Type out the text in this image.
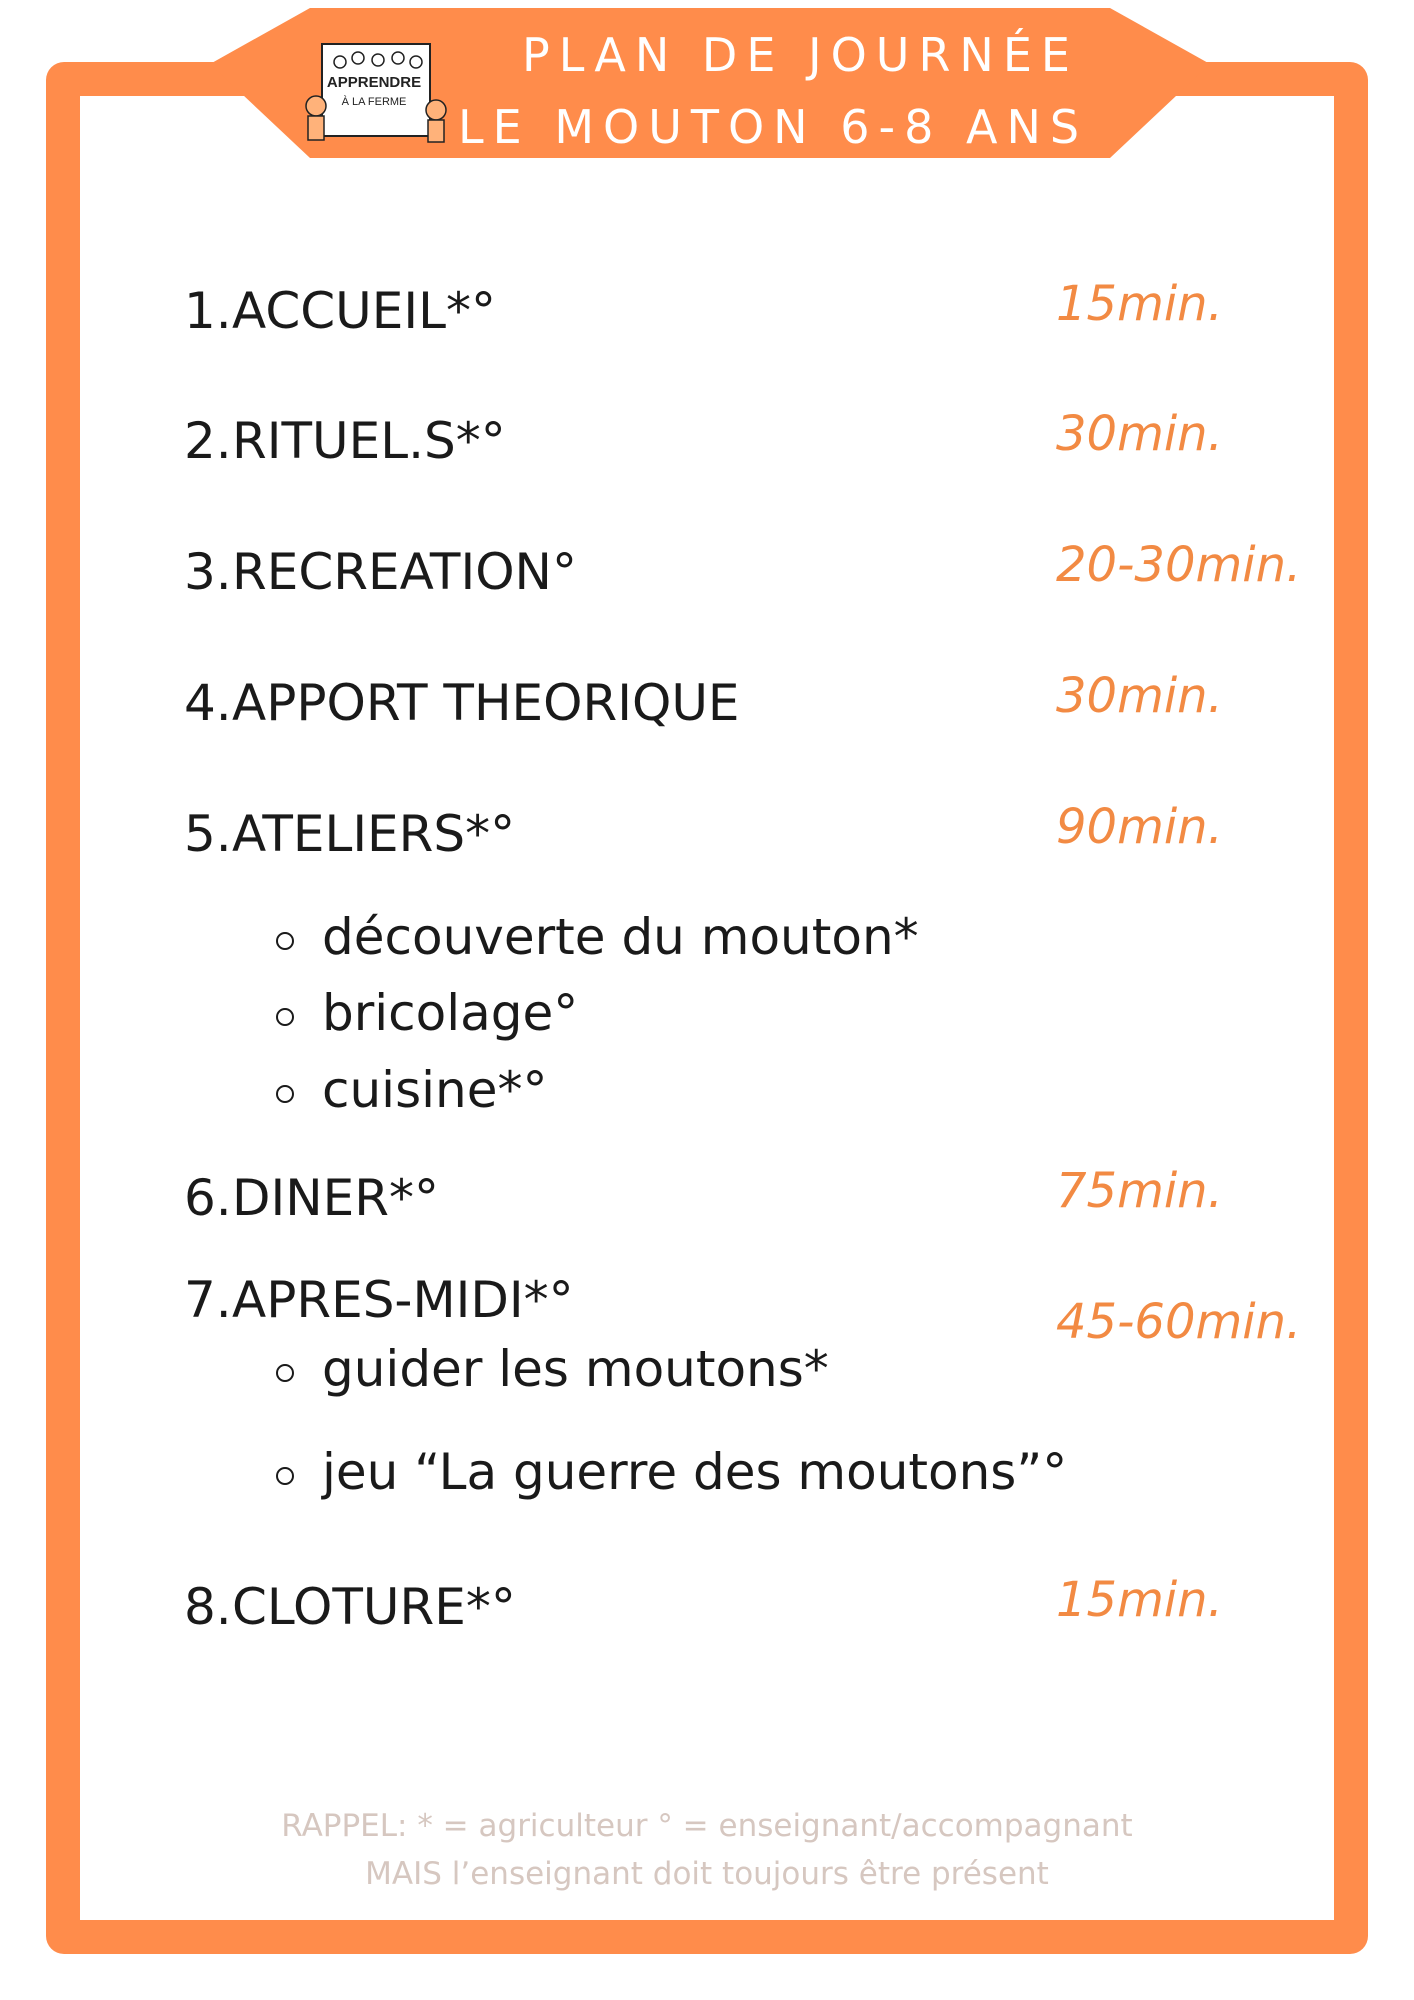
APPRENDRE
À LA FERME
PLAN DE JOURNÉE
LE MOUTON 6-8 ANS
1.ACCUEIL*°	15min.
2.RITUEL.S*°	30min.
3.RECREATION°	20-30min.
4.APPORT THEORIQUE	30min.
5.ATELIERS*°	90min.
découverte du mouton*
bricolage°
cuisine*°
6.DINER*°	75min.
7.APRES-MIDI*°	45-60min.
guider les moutons*
jeu “La guerre des moutons”°
8.CLOTURE*°	15min.
RAPPEL: * = agriculteur ° = enseignant/accompagnant
MAIS l’enseignant doit toujours être présent
